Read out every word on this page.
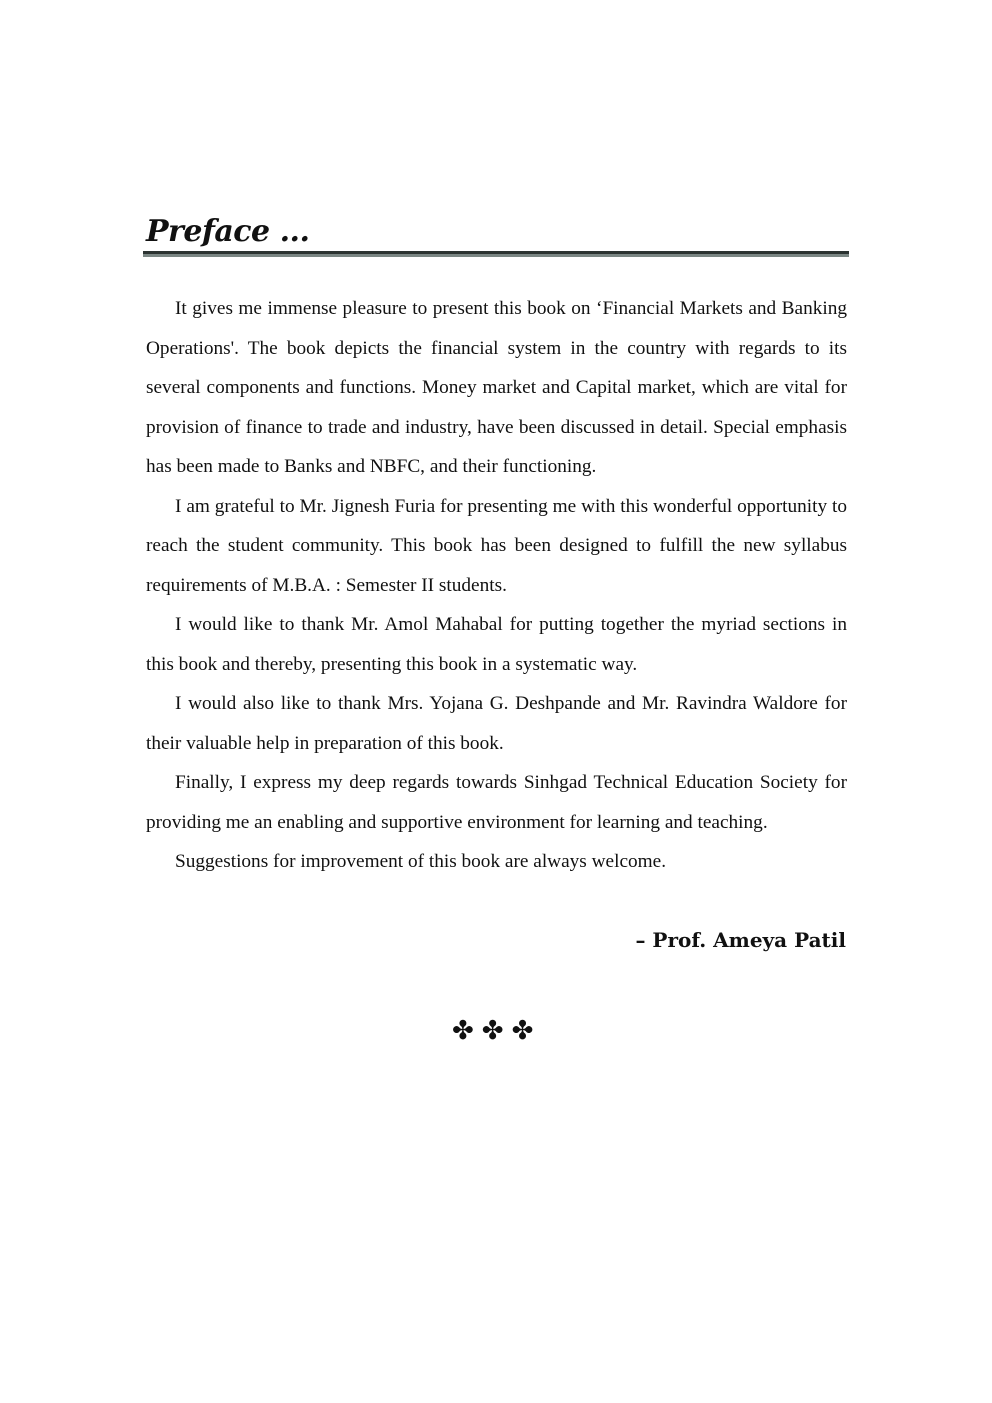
Preface ...

It gives me immense pleasure to present this book on ‘Financial Markets and Banking Operations'. The book depicts the financial system in the country with regards to its several components and functions. Money market and Capital market, which are vital for provision of finance to trade and industry, have been discussed in detail. Special emphasis has been made to Banks and NBFC, and their functioning.

I am grateful to Mr. Jignesh Furia for presenting me with this wonderful opportunity to reach the student community. This book has been designed to fulfill the new syllabus requirements of M.B.A. : Semester II students.

I would like to thank Mr. Amol Mahabal for putting together the myriad sections in this book and thereby, presenting this book in a systematic way.

I would also like to thank Mrs. Yojana G. Deshpande and Mr. Ravindra Waldore for their valuable help in preparation of this book.

Finally, I express my deep regards towards Sinhgad Technical Education Society for providing me an enabling and supportive environment for learning and teaching.

Suggestions for improvement of this book are always welcome.

– Prof. Ameya Patil
✤✤✤
